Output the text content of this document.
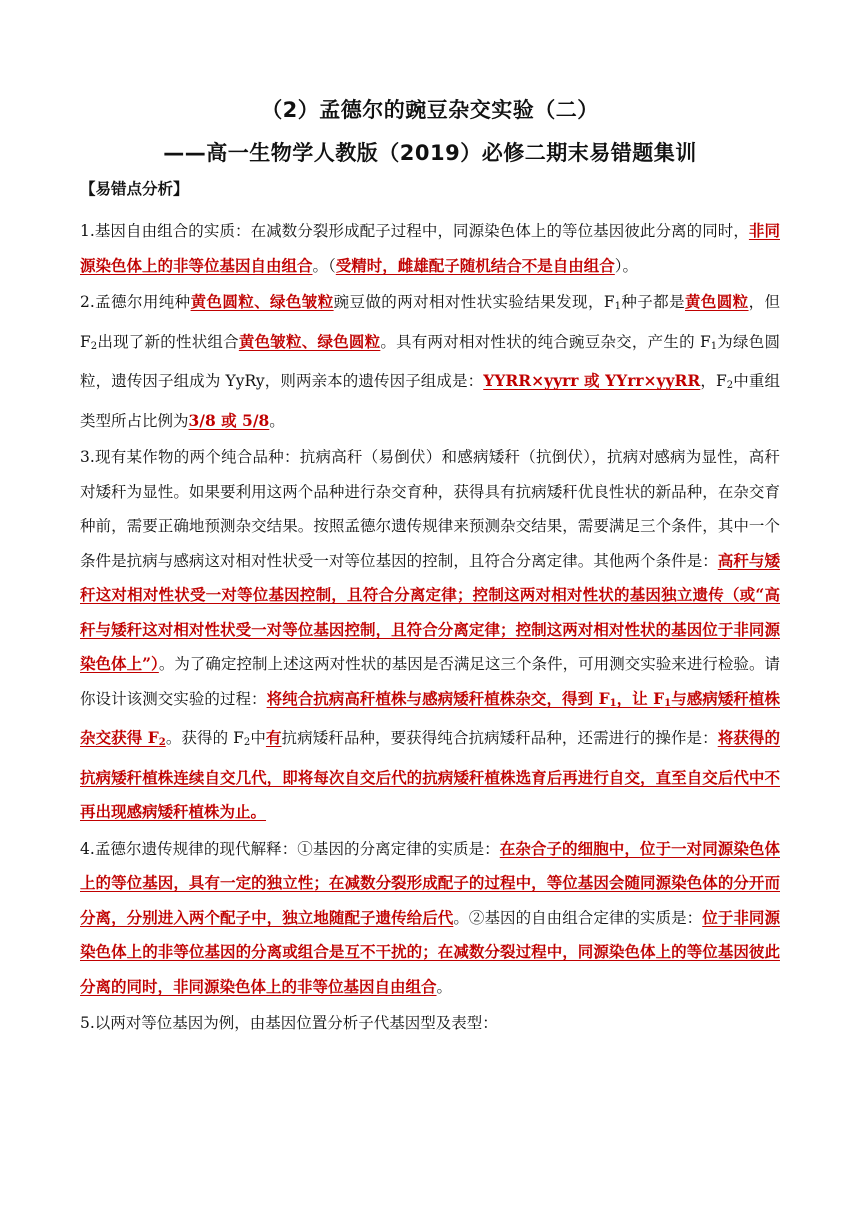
（2）孟德尔的豌豆杂交实验（二）
——高一生物学人教版（2019）必修二期末易错题集训
【易错点分析】
1.基因自由组合的实质：在减数分裂形成配子过程中，同源染色体上的等位基因彼此分离的同时，非同源染色体上的非等位基因自由组合。（受精时，雌雄配子随机结合不是自由组合）。
2.孟德尔用纯种黄色圆粒、绿色皱粒豌豆做的两对相对性状实验结果发现，$F_1$种子都是黄色圆粒，但 $F_2$出现了新的性状组合黄色皱粒、绿色圆粒。具有两对相对性状的纯合豌豆杂交，产生的 $F_1$为绿色圆粒，遗传因子组成为 YyRy，则两亲本的遗传因子组成是：YYRR×yyrr 或 YYrr×yyRR，$F_2$中重组类型所占比例为3/8 或 5/8。
3.现有某作物的两个纯合品种：抗病高秆（易倒伏）和感病矮秆（抗倒伏），抗病对感病为显性，高秆对矮秆为显性。如果要利用这两个品种进行杂交育种，获得具有抗病矮秆优良性状的新品种，在杂交育种前，需要正确地预测杂交结果。按照孟德尔遗传规律来预测杂交结果，需要满足三个条件，其中一个条件是抗病与感病这对相对性状受一对等位基因的控制，且符合分离定律。其他两个条件是：高秆与矮秆这对相对性状受一对等位基因控制，且符合分离定律；控制这两对相对性状的基因独立遗传（或“高秆与矮秆这对相对性状受一对等位基因控制，且符合分离定律；控制这两对相对性状的基因位于非同源染色体上”）。为了确定控制上述这两对性状的基因是否满足这三个条件，可用测交实验来进行检验。请你设计该测交实验的过程：将纯合抗病高秆植株与感病矮秆植株杂交，得到 $F_1$，让 $F_1$与感病矮秆植株杂交获得 $F_2$。获得的 $F_2$中有抗病矮秆品种，要获得纯合抗病矮秆品种，还需进行的操作是：将获得的抗病矮秆植株连续自交几代，即将每次自交后代的抗病矮秆植株选育后再进行自交，直至自交后代中不再出现感病矮秆植株为止。
4.孟德尔遗传规律的现代解释：①基因的分离定律的实质是：在杂合子的细胞中，位于一对同源染色体上的等位基因，具有一定的独立性；在减数分裂形成配子的过程中，等位基因会随同源染色体的分开而分离，分别进入两个配子中，独立地随配子遗传给后代。②基因的自由组合定律的实质是：位于非同源染色体上的非等位基因的分离或组合是互不干扰的；在减数分裂过程中，同源染色体上的等位基因彼此分离的同时，非同源染色体上的非等位基因自由组合。
5.以两对等位基因为例，由基因位置分析子代基因型及表型：
